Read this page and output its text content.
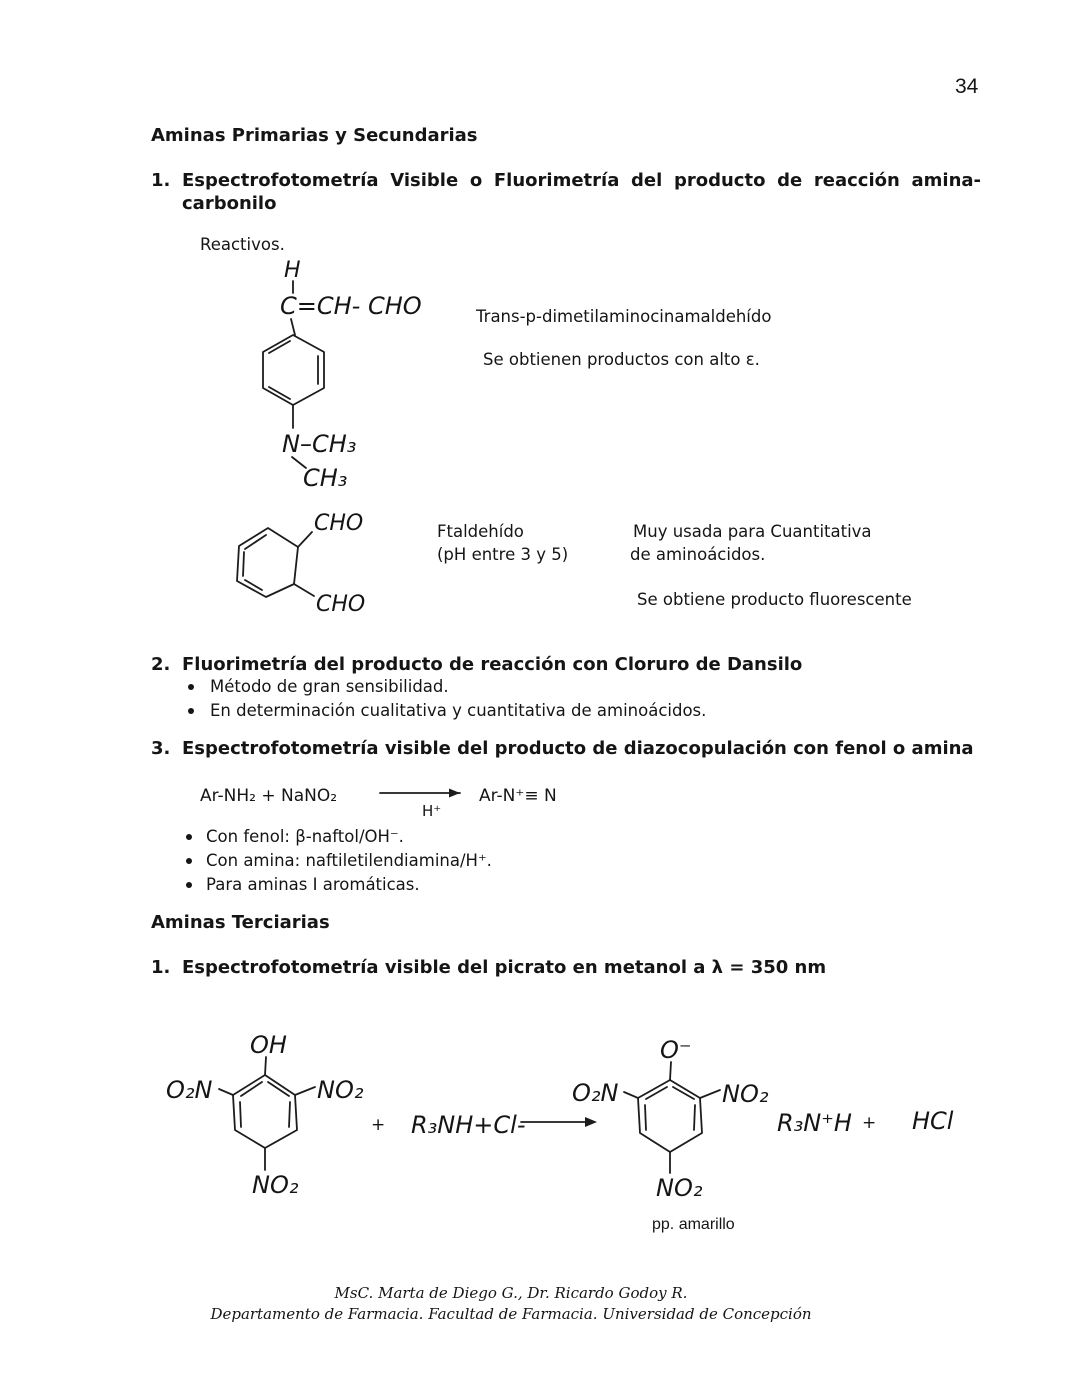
34
Aminas Primarias y Secundarias
1. Espectrofotometría Visible o Fluorimetría del producto de reacción amina-
carbonilo
Reactivos.
H
C=CH- CHO
N–CH₃
CH₃
Trans-p-dimetilaminocinamaldehído
Se obtienen productos con alto ε.
CHO
CHO
Ftaldehído
(pH entre 3 y 5)
Muy usada para Cuantitativa
de aminoácidos.
Se obtiene producto fluorescente
2. Fluorimetría del producto de reacción con Cloruro de Dansilo
Método de gran sensibilidad.
En determinación cualitativa y cuantitativa de aminoácidos.
3. Espectrofotometría visible del producto de diazocopulación con fenol o amina
Ar-NH₂ + NaNO₂
H⁺
Ar-N⁺≡ N
Con fenol: β-naftol/OH⁻.
Con amina: naftiletilendiamina/H⁺.
Para aminas I aromáticas.
Aminas Terciarias
1. Espectrofotometría visible del picrato en metanol a λ = 350 nm
OH
O₂N	NO₂
NO₂
+ R₃NH+Cl-
O⁻
O₂N	NO₂
NO₂
pp. amarillo
R₃N⁺H + HCl
MsC. Marta de Diego G., Dr. Ricardo Godoy R.
Departamento de Farmacia. Facultad de Farmacia. Universidad de Concepción
